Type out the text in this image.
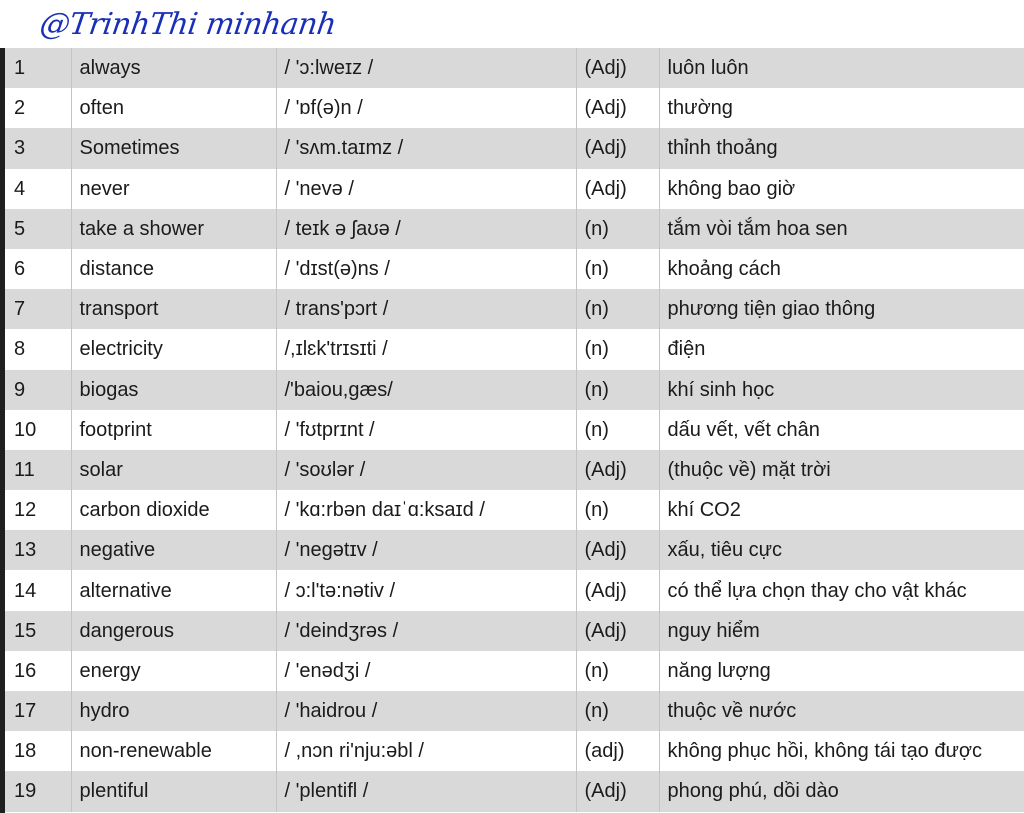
@TrinhThi minhanh
1	always	/ 'ɔ:lweɪz /	(Adj)	luôn luôn
2	often	/ 'ɒf(ə)n /	(Adj)	thường
3	Sometimes	/ 'sʌm.taɪmz /	(Adj)	thỉnh thoảng
4	never	/ 'nevə /	(Adj)	không bao giờ
5	take a shower	/ teɪk ə ʃaʊə /	(n)	tắm vòi tắm hoa sen
6	distance	/ 'dɪst(ə)ns /	(n)	khoảng cách
7	transport	/ trans'pɔrt /	(n)	phương tiện giao thông
8	electricity	/,ɪlɛk'trɪsɪti /	(n)	điện
9	biogas	/'baiou,gæs/	(n)	khí sinh học
10	footprint	/ 'fʊtprɪnt /	(n)	dấu vết, vết chân
11	solar	/ 'soʊlər /	(Adj)	(thuộc về) mặt trời
12	carbon dioxide	/ 'kɑ:rbən daɪˈɑ:ksaɪd /	(n)	khí CO2
13	negative	/ 'negətɪv /	(Adj)	xấu, tiêu cực
14	alternative	/ ɔ:l'tə:nətiv /	(Adj)	có thể lựa chọn thay cho vật khác
15	dangerous	/ 'deindʒrəs /	(Adj)	nguy hiểm
16	energy	/ 'enədʒi /	(n)	năng lượng
17	hydro	/ 'haidrou /	(n)	thuộc về nước
18	non-renewable	/ ,nɔn ri'nju:əbl /	(adj)	không phục hồi, không tái tạo được
19	plentiful	/ 'plentifl /	(Adj)	phong phú, dồi dào
